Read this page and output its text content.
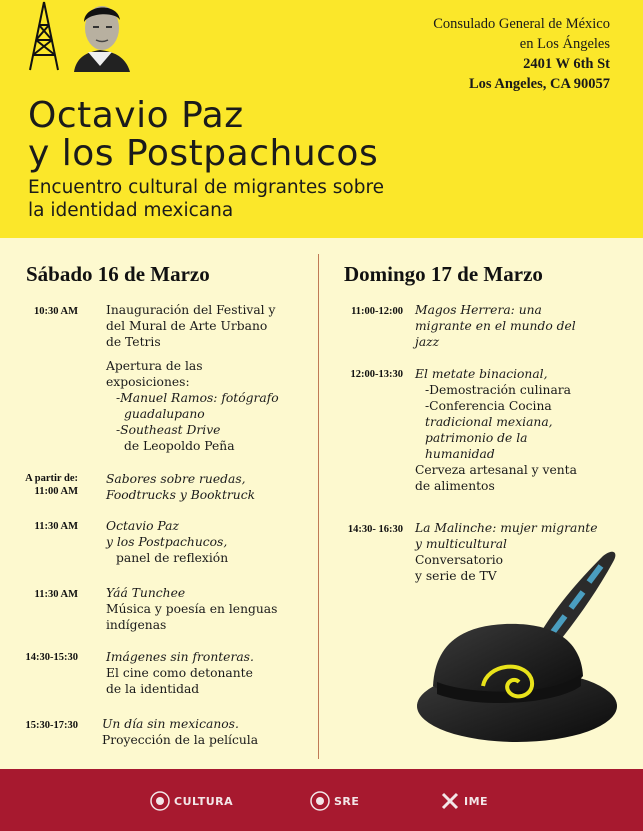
Consulado General de México
en Los Ángeles
2401 W 6th St
Los Angeles, CA 90057
Octavio Paz
y los Postpachucos
Encuentro cultural de migrantes sobre
la identidad mexicana
Sábado 16 de Marzo
10:30 AM Inauguración del Festival y
del Mural de Arte Urbano
de Tetris
Apertura de las
exposiciones:
-Manuel Ramos: fotógrafo
guadalupano
-Southeast Drive
de Leopoldo Peña
A partir de:
11:00 AM
Sabores sobre ruedas,
Foodtrucks y Booktruck
11:30 AM Octavio Paz
y los Postpachucos,
panel de reflexión
11:30 AM Yáá Tunchee
Música y poesía en lenguas
indígenas
14:30-15:30 Imágenes sin fronteras.
El cine como detonante
de la identidad
15:30-17:30 Un día sin mexicanos.
Proyección de la película
Domingo 17 de Marzo
11:00-12:00 Magos Herrera: una
migrante en el mundo del
jazz
12:00-13:30 El metate binacional,
-Demostración culinara
-Conferencia Cocina
tradicional mexiana,
patrimonio de la
humanidad
Cerveza artesanal y venta
de alimentos
14:30- 16:30 La Malinche: mujer migrante
y multicultural
Conversatorio
y serie de TV
CULTURA	SRE	IME
